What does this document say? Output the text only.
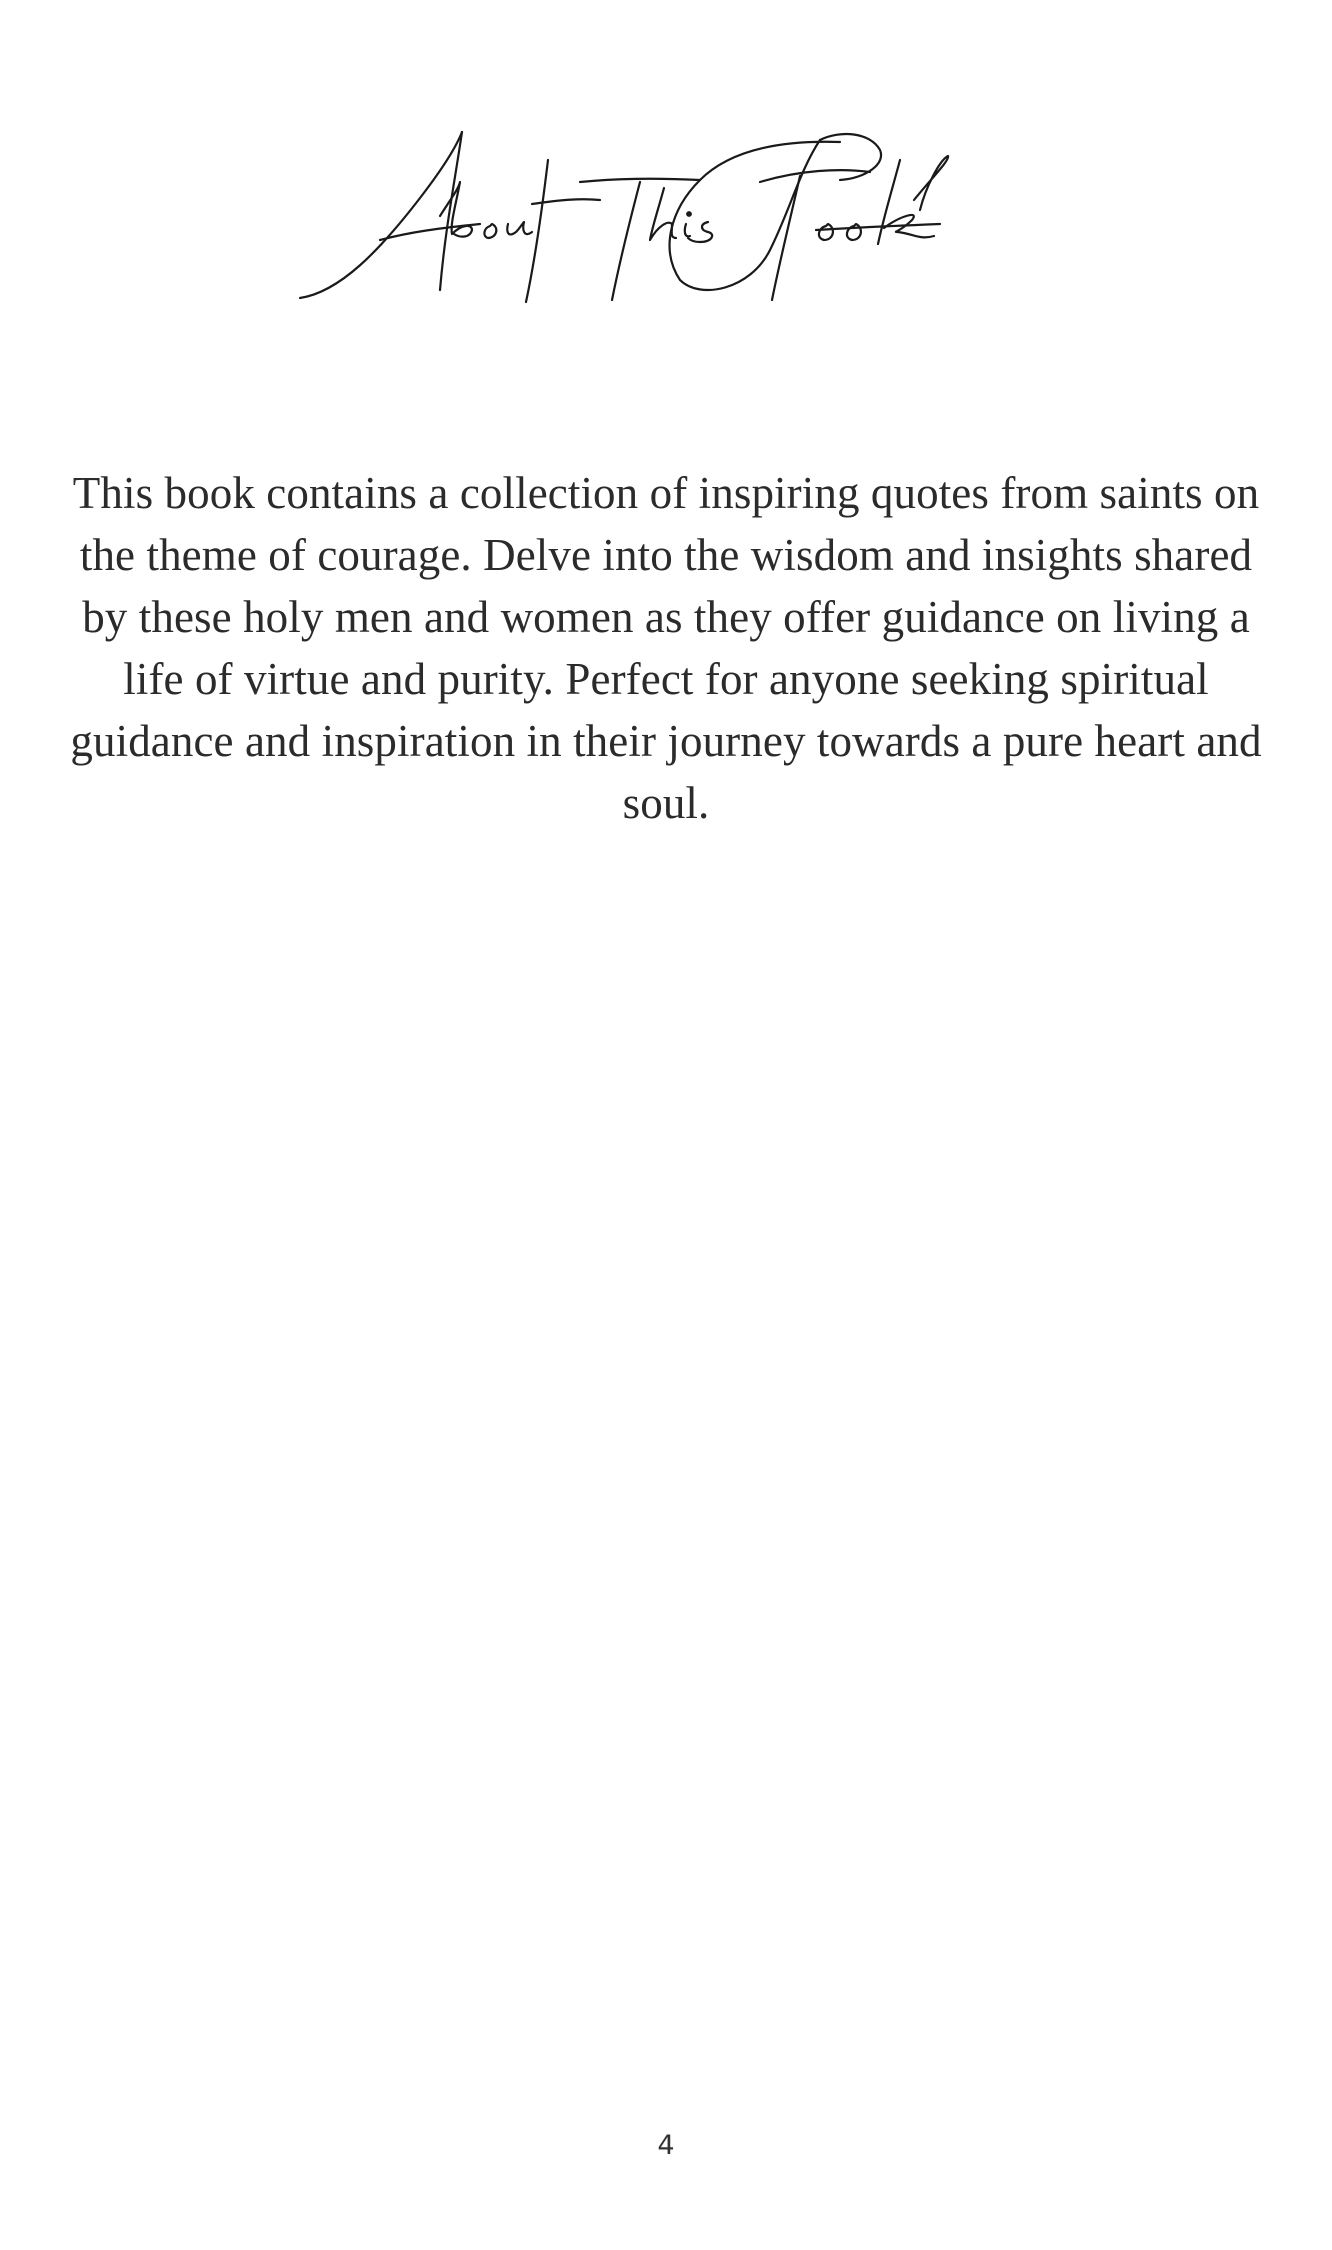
This book contains a collection of inspiring quotes from saints on the theme of courage. Delve into the wisdom and insights shared by these holy men and women as they offer guidance on living a life of virtue and purity. Perfect for anyone seeking spiritual guidance and inspiration in their journey towards a pure heart and soul.

4
